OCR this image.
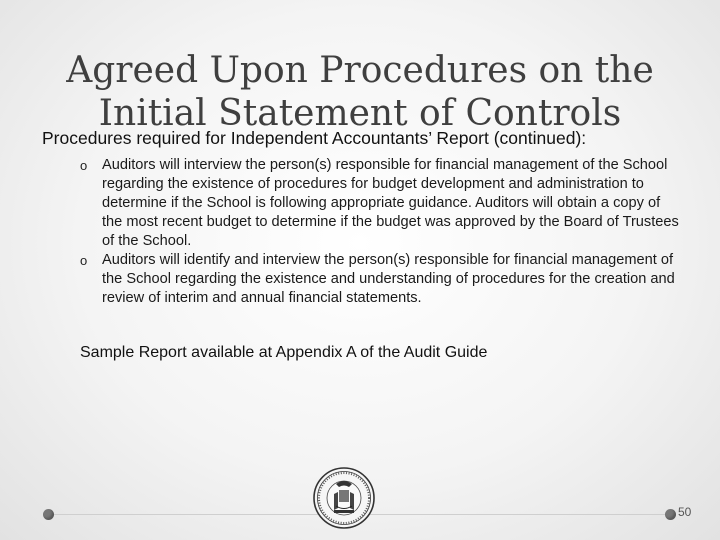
Agreed Upon Procedures on the
Initial Statement of Controls
Procedures required for Independent Accountants’ Report (continued):
o Auditors will interview the person(s) responsible for financial management of the School regarding the existence of procedures for budget development and administration to determine if the School is following appropriate guidance. Auditors will obtain a copy of the most recent budget to determine if the budget was approved by the Board of Trustees of the School.
o Auditors will identify and interview the person(s) responsible for financial management of the School regarding the existence and understanding of procedures for the creation and review of interim and annual financial statements.
Sample Report available at Appendix A of the Audit Guide
50
